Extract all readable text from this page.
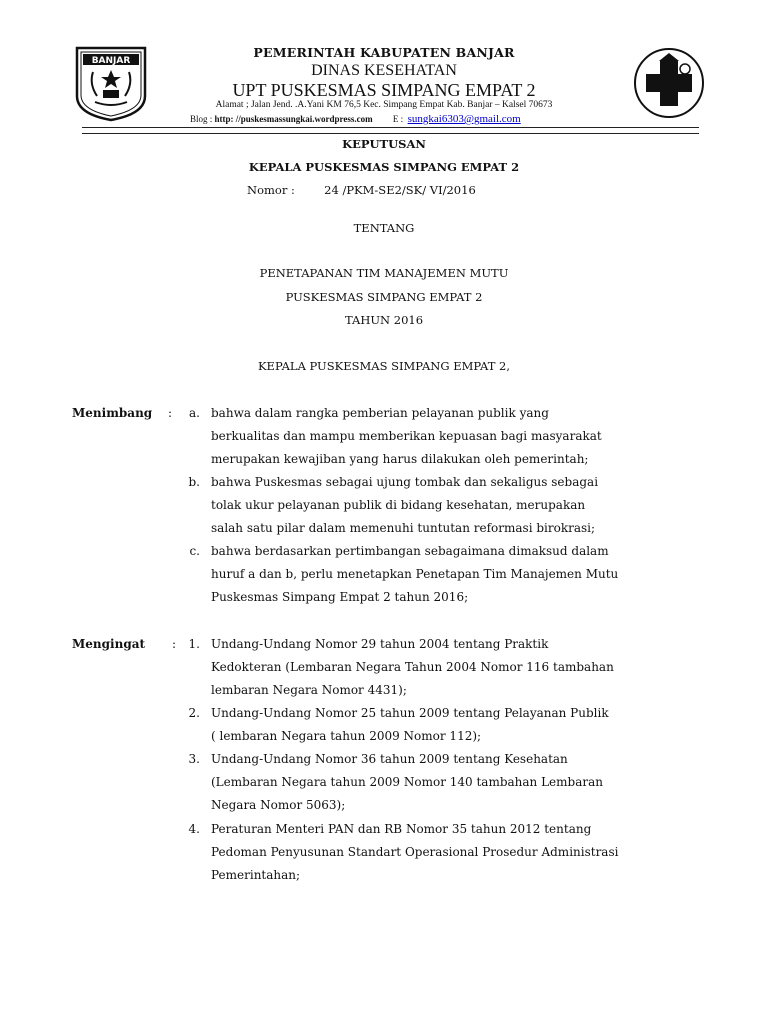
BANJAR
PEMERINTAH KABUPATEN BANJAR
DINAS KESEHATAN
UPT PUSKESMAS SIMPANG EMPAT 2
Alamat ; Jalan Jend. .A.Yani KM 76,5 Kec. Simpang Empat Kab. Banjar – Kalsel 70673
Blog : http: //puskesmassungkai.wordpress.com E : sungkai6303@gmail.com
KEPUTUSAN
KEPALA PUSKESMAS SIMPANG EMPAT 2
Nomor :	24 /PKM-SE2/SK/ VI/2016
TENTANG
PENETAPANAN TIM MANAJEMEN MUTU
PUSKESMAS SIMPANG EMPAT 2
TAHUN 2016
KEPALA PUSKESMAS SIMPANG EMPAT 2,
Menimbang :	a. bahwa dalam rangka pemberian pelayanan publik yang
berkualitas dan mampu memberikan kepuasan bagi masyarakat
merupakan kewajiban yang harus dilakukan oleh pemerintah;
b. bahwa Puskesmas sebagai ujung tombak dan sekaligus sebagai
tolak ukur pelayanan publik di bidang kesehatan, merupakan
salah satu pilar dalam memenuhi tuntutan reformasi birokrasi;
c. bahwa berdasarkan pertimbangan sebagaimana dimaksud dalam
huruf a dan b, perlu menetapkan Penetapan Tim Manajemen Mutu
Puskesmas Simpang Empat 2 tahun 2016;
Mengingat :	1. Undang-Undang Nomor 29 tahun 2004 tentang Praktik
Kedokteran (Lembaran Negara Tahun 2004 Nomor 116 tambahan
lembaran Negara Nomor 4431);
2. Undang-Undang Nomor 25 tahun 2009 tentang Pelayanan Publik
( lembaran Negara tahun 2009 Nomor 112);
3. Undang-Undang Nomor 36 tahun 2009 tentang Kesehatan
(Lembaran Negara tahun 2009 Nomor 140 tambahan Lembaran
Negara Nomor 5063);
4. Peraturan Menteri PAN dan RB Nomor 35 tahun 2012 tentang
Pedoman Penyusunan Standart Operasional Prosedur Administrasi
Pemerintahan;
